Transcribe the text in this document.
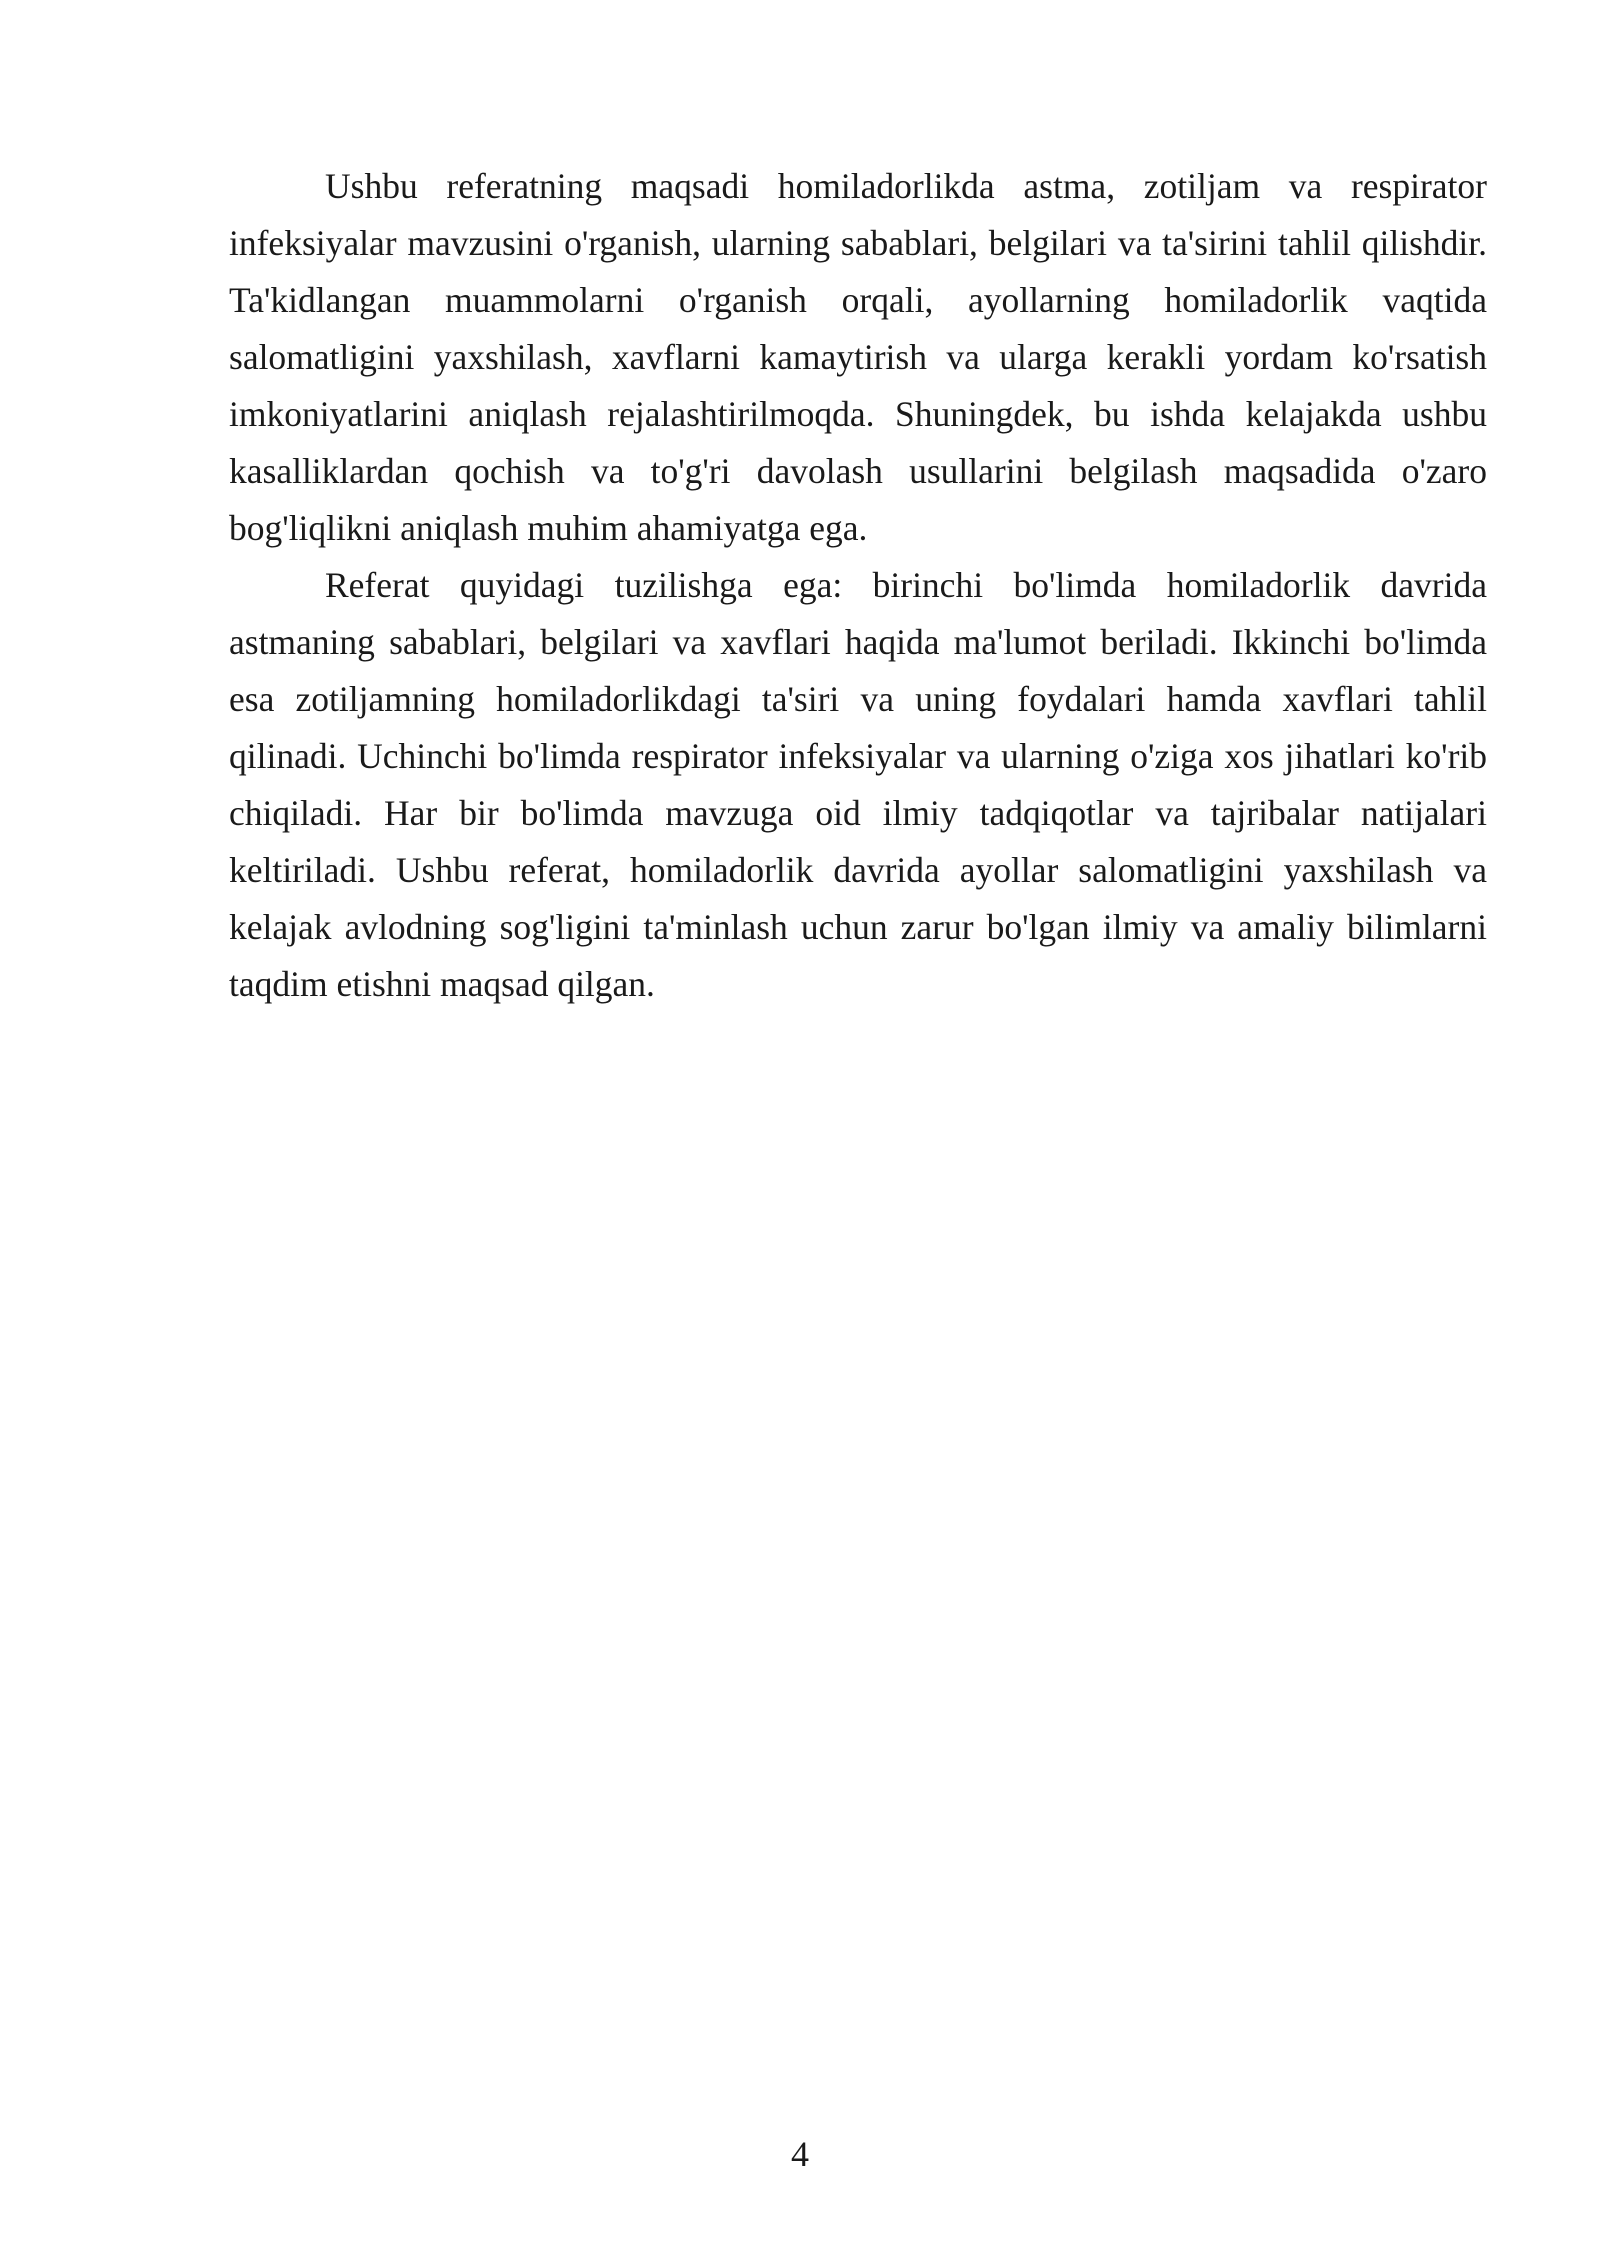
Ushbu referatning maqsadi homiladorlikda astma, zotiljam va respirator infeksiyalar mavzusini o'rganish, ularning sabablari, belgilari va ta'sirini tahlil qilishdir. Ta'kidlangan muammolarni o'rganish orqali, ayollarning homiladorlik vaqtida salomatligini yaxshilash, xavflarni kamaytirish va ularga kerakli yordam ko'rsatish imkoniyatlarini aniqlash rejalashtirilmoqda. Shuningdek, bu ishda kelajakda ushbu kasalliklardan qochish va to'g'ri davolash usullarini belgilash maqsadida o'zaro bog'liqlikni aniqlash muhim ahamiyatga ega.

Referat quyidagi tuzilishga ega: birinchi bo'limda homiladorlik davrida astmaning sabablari, belgilari va xavflari haqida ma'lumot beriladi. Ikkinchi bo'limda esa zotiljamning homiladorlikdagi ta'siri va uning foydalari hamda xavflari tahlil qilinadi. Uchinchi bo'limda respirator infeksiyalar va ularning o'ziga xos jihatlari ko'rib chiqiladi. Har bir bo'limda mavzuga oid ilmiy tadqiqotlar va tajribalar natijalari keltiriladi. Ushbu referat, homiladorlik davrida ayollar salomatligini yaxshilash va kelajak avlodning sog'ligini ta'minlash uchun zarur bo'lgan ilmiy va amaliy bilimlarni taqdim etishni maqsad qilgan.

4
